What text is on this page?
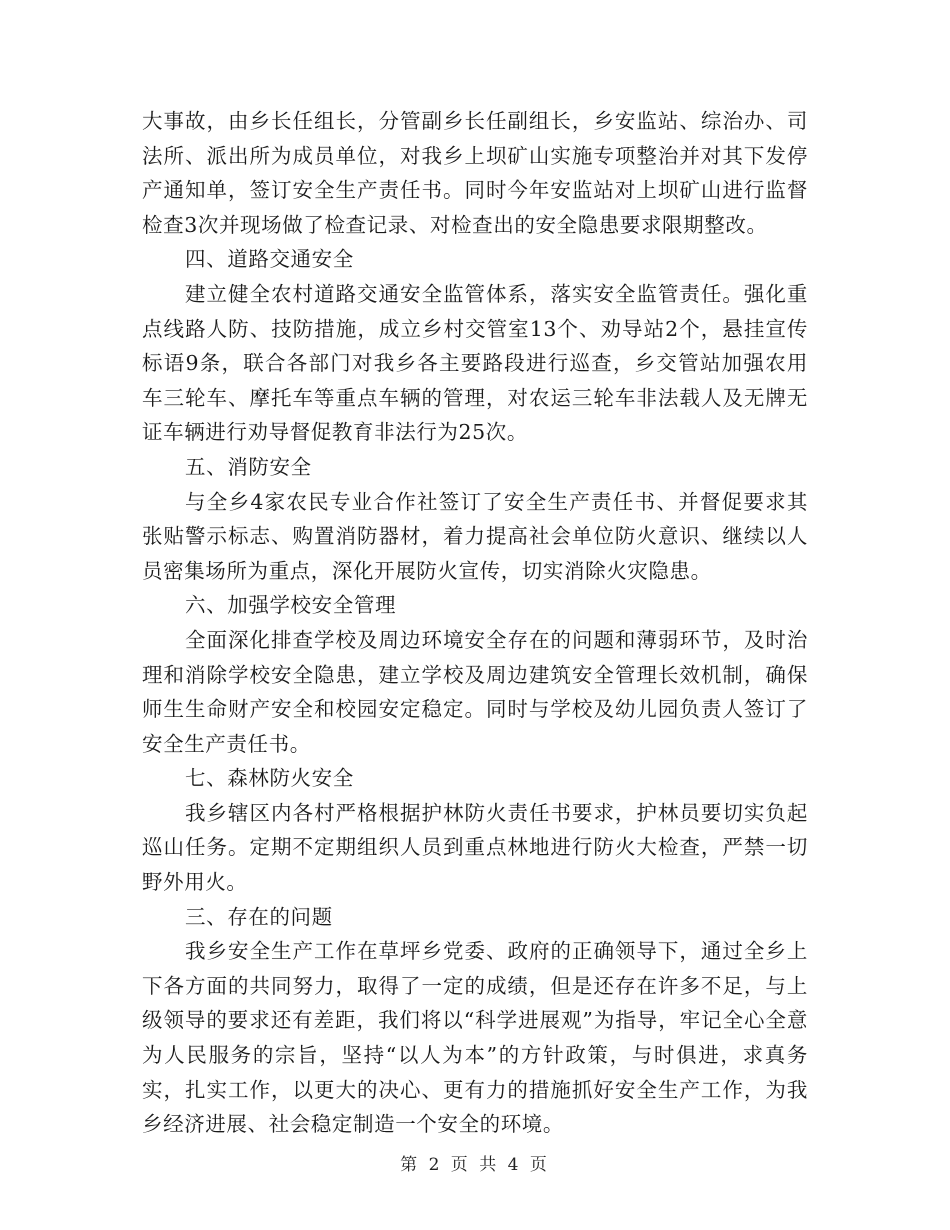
大事故，由乡长任组长，分管副乡长任副组长，乡安监站、综治办、司法所、派出所为成员单位，对我乡上坝矿山实施专项整治并对其下发停产通知单，签订安全生产责任书。同时今年安监站对上坝矿山进行监督检查3次并现场做了检查记录、对检查出的安全隐患要求限期整改。

四、道路交通安全

建立健全农村道路交通安全监管体系，落实安全监管责任。强化重点线路人防、技防措施，成立乡村交管室13个、劝导站2个，悬挂宣传标语9条，联合各部门对我乡各主要路段进行巡查，乡交管站加强农用车三轮车、摩托车等重点车辆的管理，对农运三轮车非法载人及无牌无证车辆进行劝导督促教育非法行为25次。

五、消防安全

与全乡4家农民专业合作社签订了安全生产责任书、并督促要求其张贴警示标志、购置消防器材，着力提高社会单位防火意识、继续以人员密集场所为重点，深化开展防火宣传，切实消除火灾隐患。

六、加强学校安全管理

全面深化排查学校及周边环境安全存在的问题和薄弱环节，及时治理和消除学校安全隐患，建立学校及周边建筑安全管理长效机制，确保师生生命财产安全和校园安定稳定。同时与学校及幼儿园负责人签订了安全生产责任书。

七、森林防火安全

我乡辖区内各村严格根据护林防火责任书要求，护林员要切实负起巡山任务。定期不定期组织人员到重点林地进行防火大检查，严禁一切野外用火。

三、存在的问题

我乡安全生产工作在草坪乡党委、政府的正确领导下，通过全乡上下各方面的共同努力，取得了一定的成绩，但是还存在许多不足，与上级领导的要求还有差距，我们将以“科学进展观”为指导，牢记全心全意为人民服务的宗旨，坚持“以人为本”的方针政策，与时俱进，求真务实，扎实工作，以更大的决心、更有力的措施抓好安全生产工作，为我乡经济进展、社会稳定制造一个安全的环境。

第 2 页 共 4 页
